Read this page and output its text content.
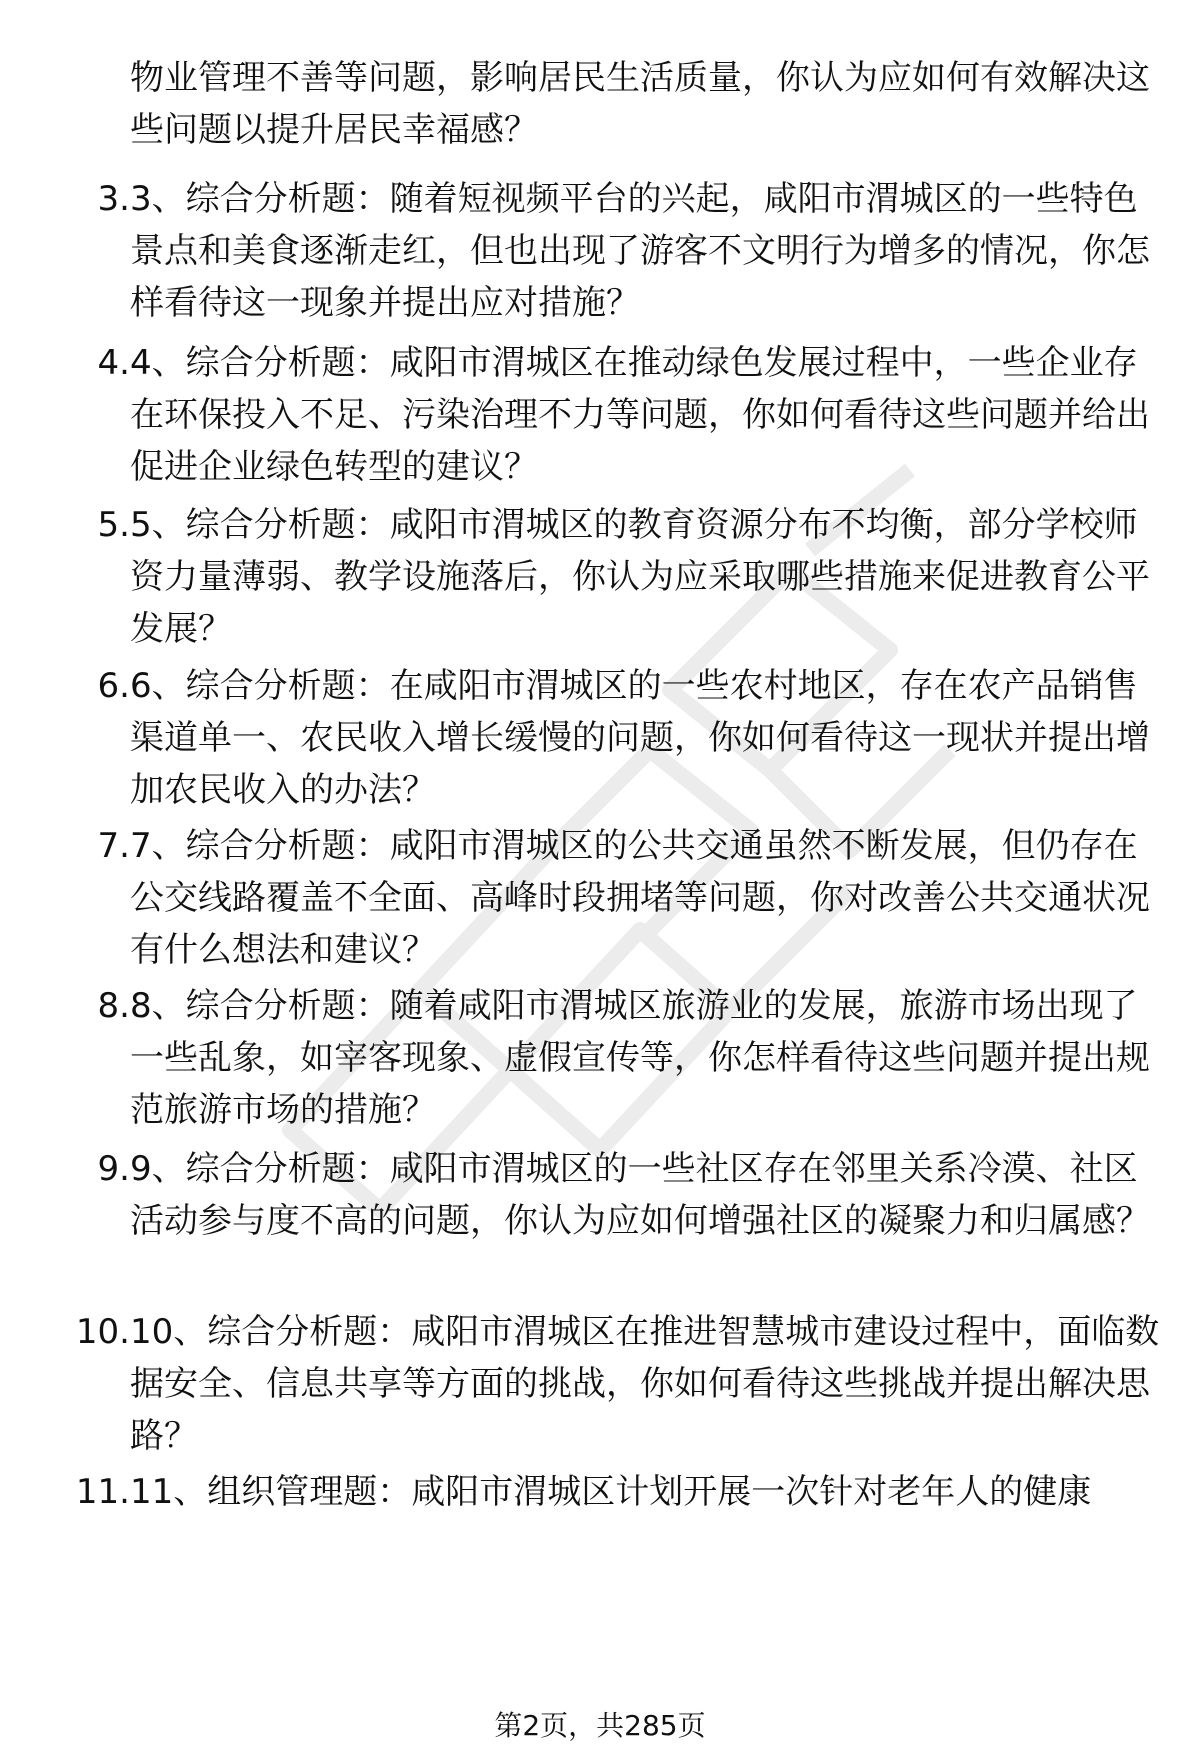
物业管理不善等问题，影响居民生活质量，你认为应如何有效解决这些问题以提升居民幸福感？

3. 3、综合分析题：随着短视频平台的兴起，咸阳市渭城区的一些特色景点和美食逐渐走红，但也出现了游客不文明行为增多的情况，你怎样看待这一现象并提出应对措施？

4. 4、综合分析题：咸阳市渭城区在推动绿色发展过程中，一些企业存在环保投入不足、污染治理不力等问题，你如何看待这些问题并给出促进企业绿色转型的建议？

5. 5、综合分析题：咸阳市渭城区的教育资源分布不均衡，部分学校师资力量薄弱、教学设施落后，你认为应采取哪些措施来促进教育公平发展？

6. 6、综合分析题：在咸阳市渭城区的一些农村地区，存在农产品销售渠道单一、农民收入增长缓慢的问题，你如何看待这一现状并提出增加农民收入的办法？

7. 7、综合分析题：咸阳市渭城区的公共交通虽然不断发展，但仍存在公交线路覆盖不全面、高峰时段拥堵等问题，你对改善公共交通状况有什么想法和建议？

8. 8、综合分析题：随着咸阳市渭城区旅游业的发展，旅游市场出现了一些乱象，如宰客现象、虚假宣传等，你怎样看待这些问题并提出规范旅游市场的措施？

9. 9、综合分析题：咸阳市渭城区的一些社区存在邻里关系冷漠、社区活动参与度不高的问题，你认为应如何增强社区的凝聚力和归属感？

10. 10、综合分析题：咸阳市渭城区在推进智慧城市建设过程中，面临数据安全、信息共享等方面的挑战，你如何看待这些挑战并提出解决思路？

11. 11、组织管理题：咸阳市渭城区计划开展一次针对老年人的健康

第2页，共285页
